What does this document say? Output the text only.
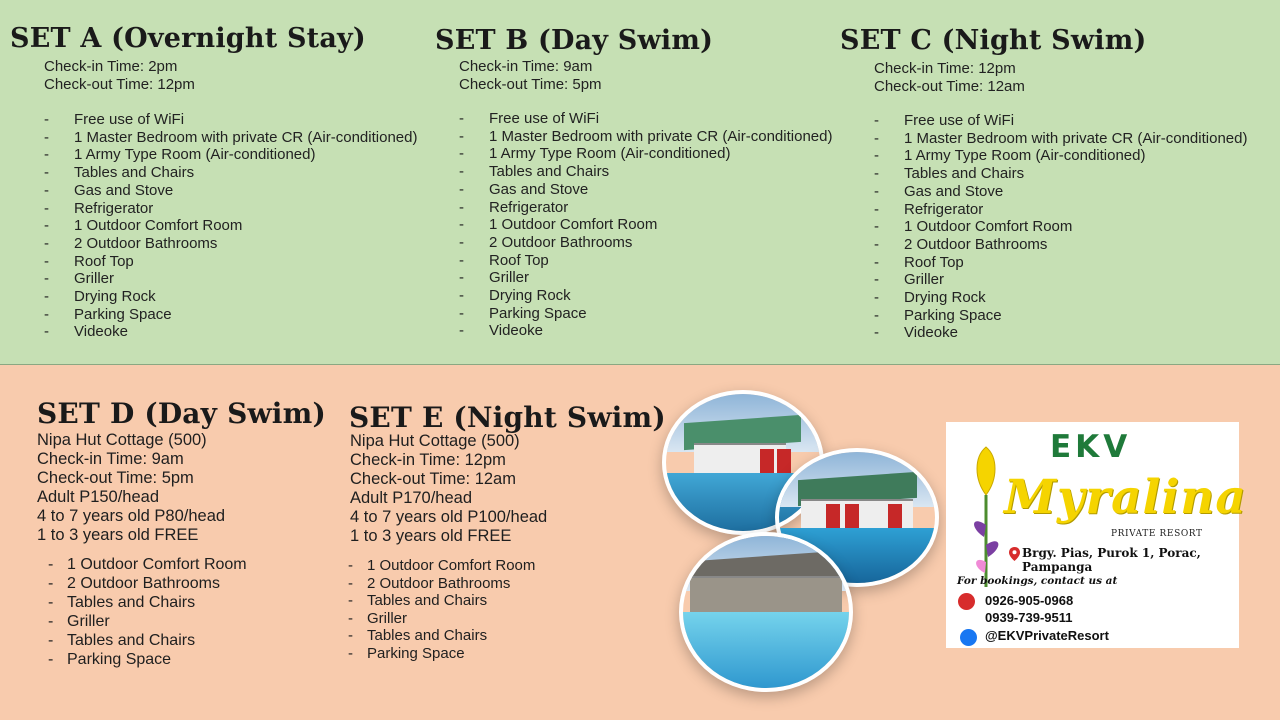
SET A (Overnight Stay)
Check-in Time: 2pm
Check-out Time: 12pm
- Free use of WiFi
- 1 Master Bedroom with private CR (Air-conditioned)
- 1 Army Type Room (Air-conditioned)
- Tables and Chairs
- Gas and Stove
- Refrigerator
- 1 Outdoor Comfort Room
- 2 Outdoor Bathrooms
- Roof Top
- Griller
- Drying Rock
- Parking Space
- Videoke
SET B (Day Swim)
Check-in Time: 9am
Check-out Time: 5pm
- Free use of WiFi
- 1 Master Bedroom with private CR (Air-conditioned)
- 1 Army Type Room (Air-conditioned)
- Tables and Chairs
- Gas and Stove
- Refrigerator
- 1 Outdoor Comfort Room
- 2 Outdoor Bathrooms
- Roof Top
- Griller
- Drying Rock
- Parking Space
- Videoke
SET C (Night Swim)
Check-in Time: 12pm
Check-out Time: 12am
- Free use of WiFi
- 1 Master Bedroom with private CR (Air-conditioned)
- 1 Army Type Room (Air-conditioned)
- Tables and Chairs
- Gas and Stove
- Refrigerator
- 1 Outdoor Comfort Room
- 2 Outdoor Bathrooms
- Roof Top
- Griller
- Drying Rock
- Parking Space
- Videoke
SET D (Day Swim)
Nipa Hut Cottage (500)
Check-in Time: 9am
Check-out Time: 5pm
Adult P150/head
4 to 7 years old P80/head
1 to 3 years old FREE
- 1 Outdoor Comfort Room
- 2 Outdoor Bathrooms
- Tables and Chairs
- Griller
- Tables and Chairs
- Parking Space
SET E (Night Swim)
Nipa Hut Cottage (500)
Check-in Time: 12pm
Check-out Time: 12am
Adult P170/head
4 to 7 years old P100/head
1 to 3 years old FREE
- 1 Outdoor Comfort Room
- 2 Outdoor Bathrooms
- Tables and Chairs
- Griller
- Tables and Chairs
- Parking Space
EKV
Myralina
PRIVATE RESORT
Brgy. Pias, Purok 1, Porac, Pampanga
For bookings, contact us at
0926-905-0968
0939-739-9511
@EKVPrivateResort
